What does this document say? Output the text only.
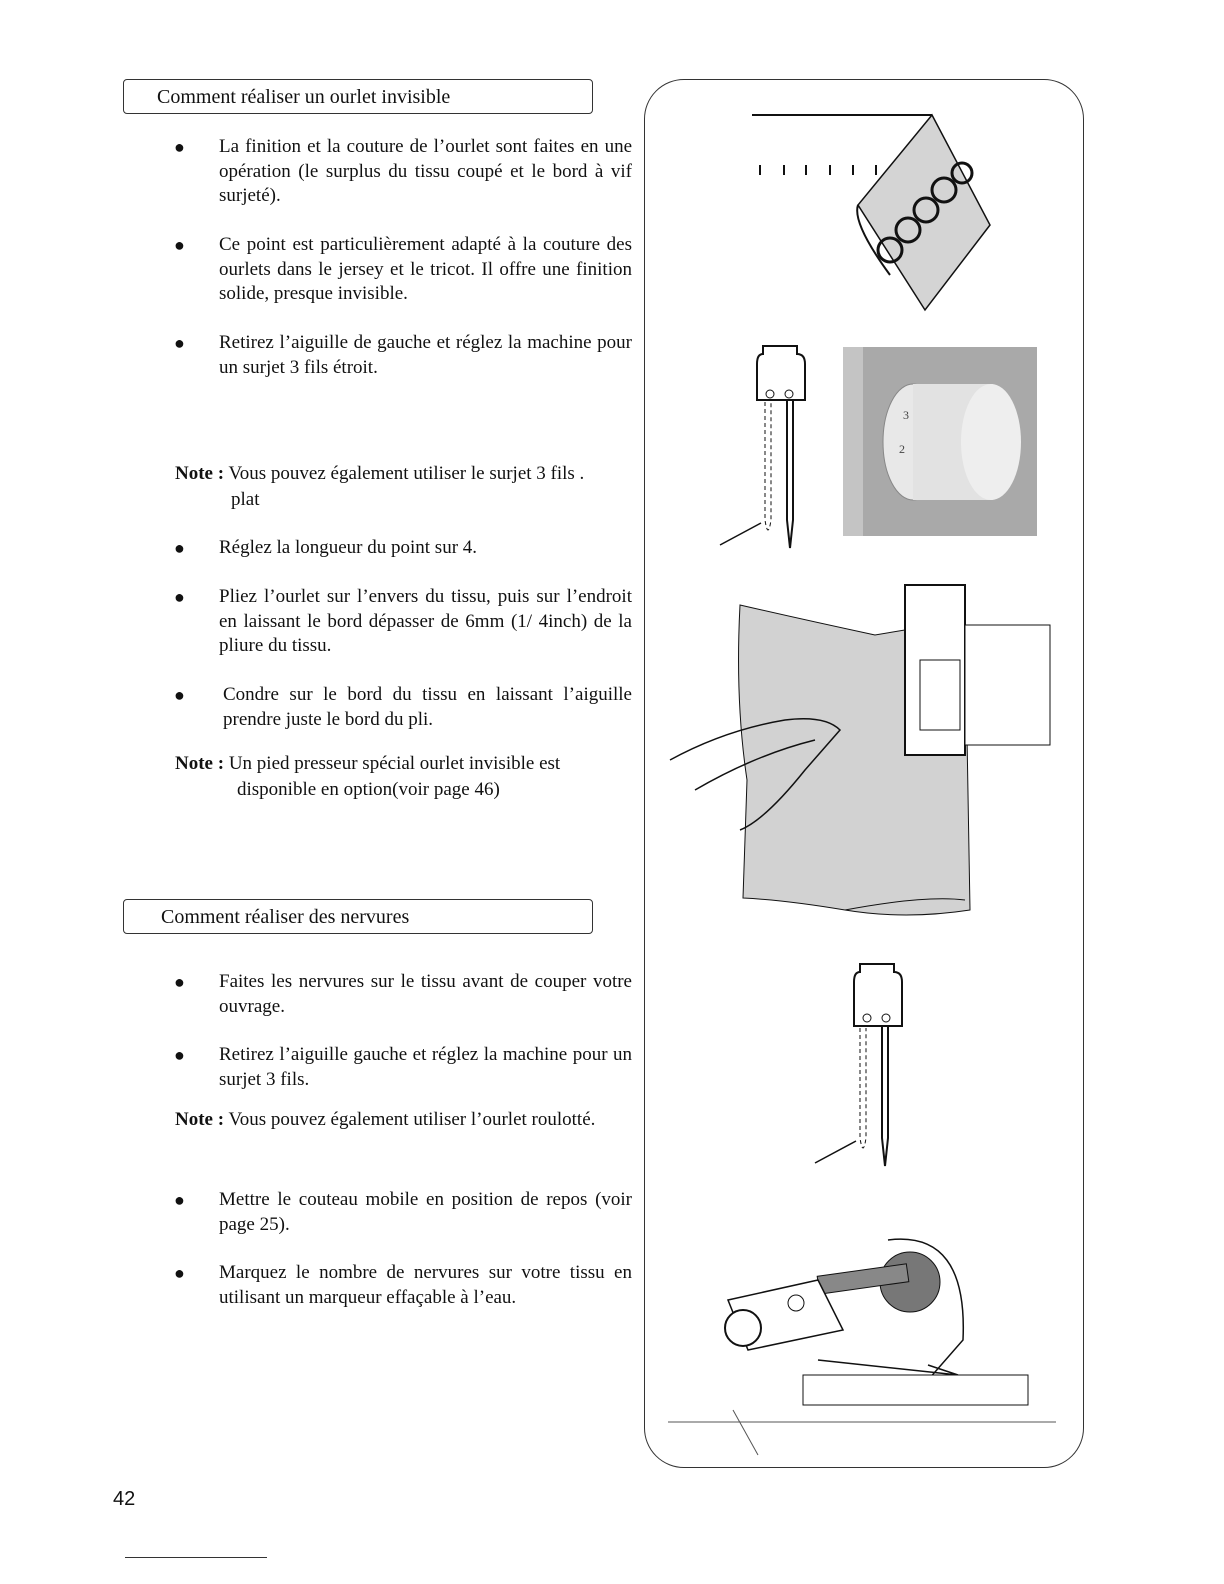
Comment réaliser un ourlet invisible
● La finition et la couture de l’ourlet sont faites en une opération (le surplus du tissu coupé et le bord à vif surjeté).
● Ce point est particulièrement adapté à la couture des ourlets dans le jersey et le tricot. Il offre une finition solide, presque invisible.
● Retirez l’aiguille de gauche et réglez la machine pour un surjet 3 fils étroit.
Note : Vous pouvez également utiliser le surjet 3 fils .
plat
● Réglez la longueur du point sur 4.
● Pliez l’ourlet sur l’envers du tissu, puis sur l’endroit en laissant le bord dépasser de 6mm (1/ 4inch) de la pliure du tissu.
● Condre sur le bord du tissu en laissant l’aiguille prendre juste le bord du pli.
Note : Un pied presseur spécial ourlet invisible est
disponible en option(voir page 46)
Comment réaliser des nervures
● Faites les nervures sur le tissu avant de couper votre ouvrage.
● Retirez l’aiguille gauche et réglez la machine pour un surjet 3 fils.
Note : Vous pouvez également utiliser l’ourlet roulotté.
● Mettre le couteau mobile en position de repos (voir page 25).
● Marquez le nombre de nervures sur votre tissu en utilisant un marqueur effaçable à l’eau.
3
2
42
